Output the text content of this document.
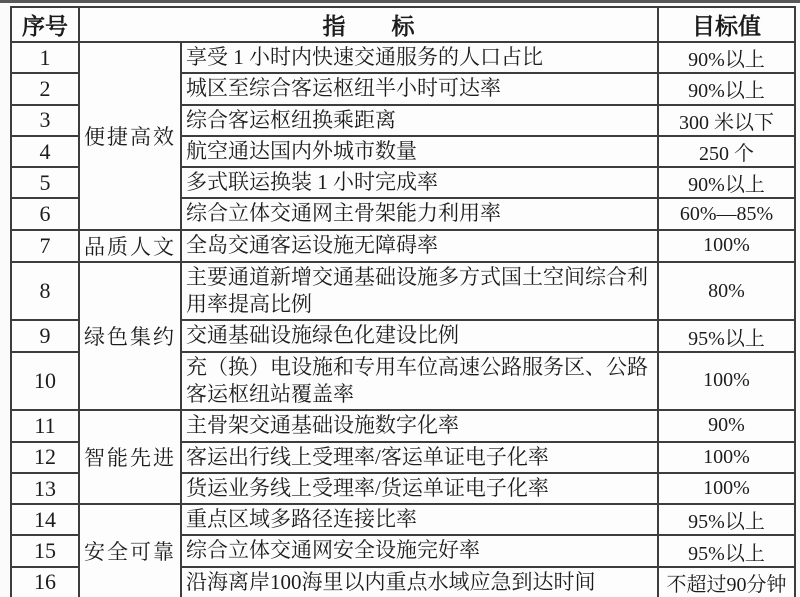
序号	指　　标		目标值
1	便捷高效	享受 1 小时内快速交通服务的人口占比	90%以上
2		城区至综合客运枢纽半小时可达率	90%以上
3		综合客运枢纽换乘距离	300 米以下
4		航空通达国内外城市数量	250 个
5		多式联运换装 1 小时完成率	90%以上
6		综合立体交通网主骨架能力利用率	60%—85%
7	品质人文	全岛交通客运设施无障碍率	100%
8	绿色集约	主要通道新增交通基础设施多方式国土空间综合利用率提高比例	80%
9		交通基础设施绿色化建设比例	95%以上
10		充（换）电设施和专用车位高速公路服务区、公路客运枢纽站覆盖率	100%
11	智能先进	主骨架交通基础设施数字化率	90%
12		客运出行线上受理率/客运单证电子化率	100%
13		货运业务线上受理率/货运单证电子化率	100%
14	安全可靠	重点区域多路径连接比率	95%以上
15		综合立体交通网安全设施完好率	95%以上
16		沿海离岸100海里以内重点水域应急到达时间	不超过90分钟
